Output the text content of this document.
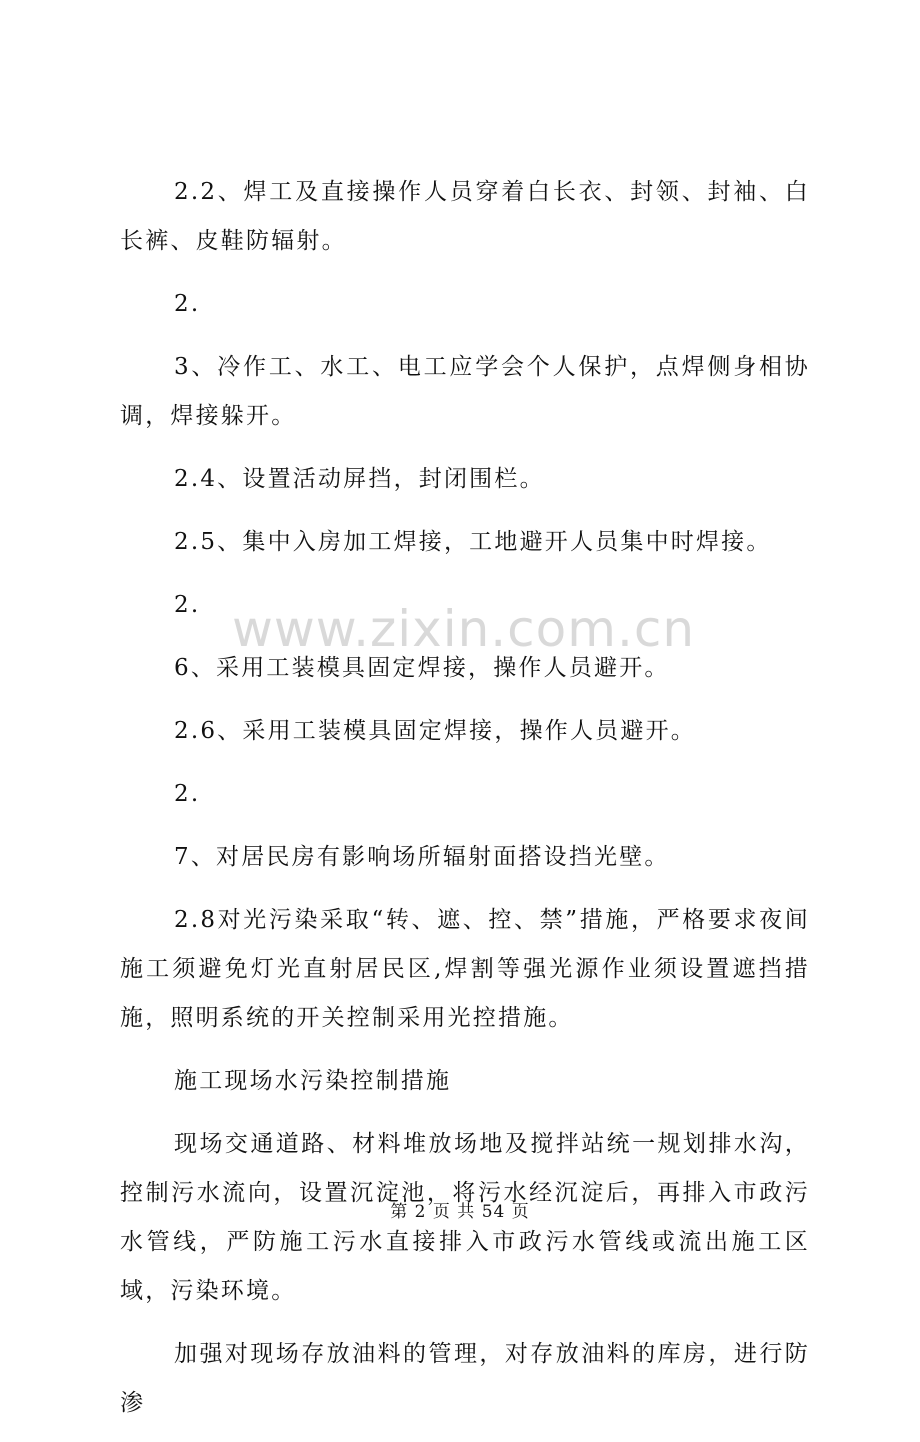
2.2、焊工及直接操作人员穿着白长衣、封领、封袖、白长裤、皮鞋防辐射。

2.

3、冷作工、水工、电工应学会个人保护，点焊侧身相协调，焊接躲开。

2.4、设置活动屏挡，封闭围栏。

2.5、集中入房加工焊接，工地避开人员集中时焊接。

2.

6、采用工装模具固定焊接，操作人员避开。

2.6、采用工装模具固定焊接，操作人员避开。

2.

7、对居民房有影响场所辐射面搭设挡光壁。

2.8对光污染采取“转、遮、控、禁”措施，严格要求夜间施工须避免灯光直射居民区,焊割等强光源作业须设置遮挡措施，照明系统的开关控制采用光控措施。

施工现场水污染控制措施

现场交通道路、材料堆放场地及搅拌站统一规划排水沟，控制污水流向，设置沉淀池，将污水经沉淀后，再排入市政污水管线，严防施工污水直接排入市政污水管线或流出施工区域，污染环境。

加强对现场存放油料的管理，对存放油料的库房，进行防渗

www.zixin.com.cn
第 2 页 共 54 页
